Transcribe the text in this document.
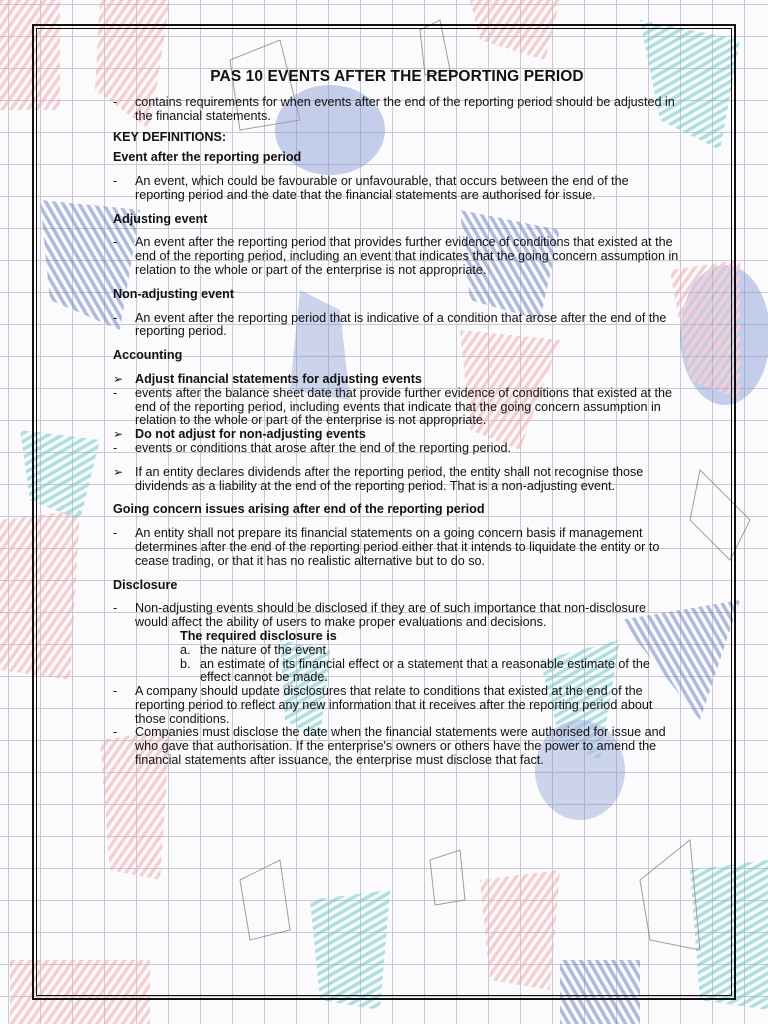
PAS 10 EVENTS AFTER THE REPORTING PERIOD
-	contains requirements for when events after the end of the reporting period should be adjusted in the financial statements.
KEY DEFINITIONS:
Event after the reporting period
-	An event, which could be favourable or unfavourable, that occurs between the end of the reporting period and the date that the financial statements are authorised for issue.
Adjusting event
-	An event after the reporting period that provides further evidence of conditions that existed at the end of the reporting period, including an event that indicates that the going concern assumption in relation to the whole or part of the enterprise is not appropriate.
Non-adjusting event
-	An event after the reporting period that is indicative of a condition that arose after the end of the reporting period.
Accounting
➢ Adjust financial statements for adjusting events
-	events after the balance sheet date that provide further evidence of conditions that existed at the end of the reporting period, including events that indicate that the going concern assumption in relation to the whole or part of the enterprise is not appropriate.
➢ Do not adjust for non-adjusting events
-	events or conditions that arose after the end of the reporting period.
➢ If an entity declares dividends after the reporting period, the entity shall not recognise those dividends as a liability at the end of the reporting period. That is a non-adjusting event.
Going concern issues arising after end of the reporting period
-	An entity shall not prepare its financial statements on a going concern basis if management determines after the end of the reporting period either that it intends to liquidate the entity or to cease trading, or that it has no realistic alternative but to do so.
Disclosure
-	Non-adjusting events should be disclosed if they are of such importance that non-disclosure would affect the ability of users to make proper evaluations and decisions.
The required disclosure is
a. the nature of the event
b. an estimate of its financial effect or a statement that a reasonable estimate of the effect cannot be made.
-	A company should update disclosures that relate to conditions that existed at the end of the reporting period to reflect any new information that it receives after the reporting period about those conditions.
-	Companies must disclose the date when the financial statements were authorised for issue and who gave that authorisation. If the enterprise's owners or others have the power to amend the financial statements after issuance, the enterprise must disclose that fact.
